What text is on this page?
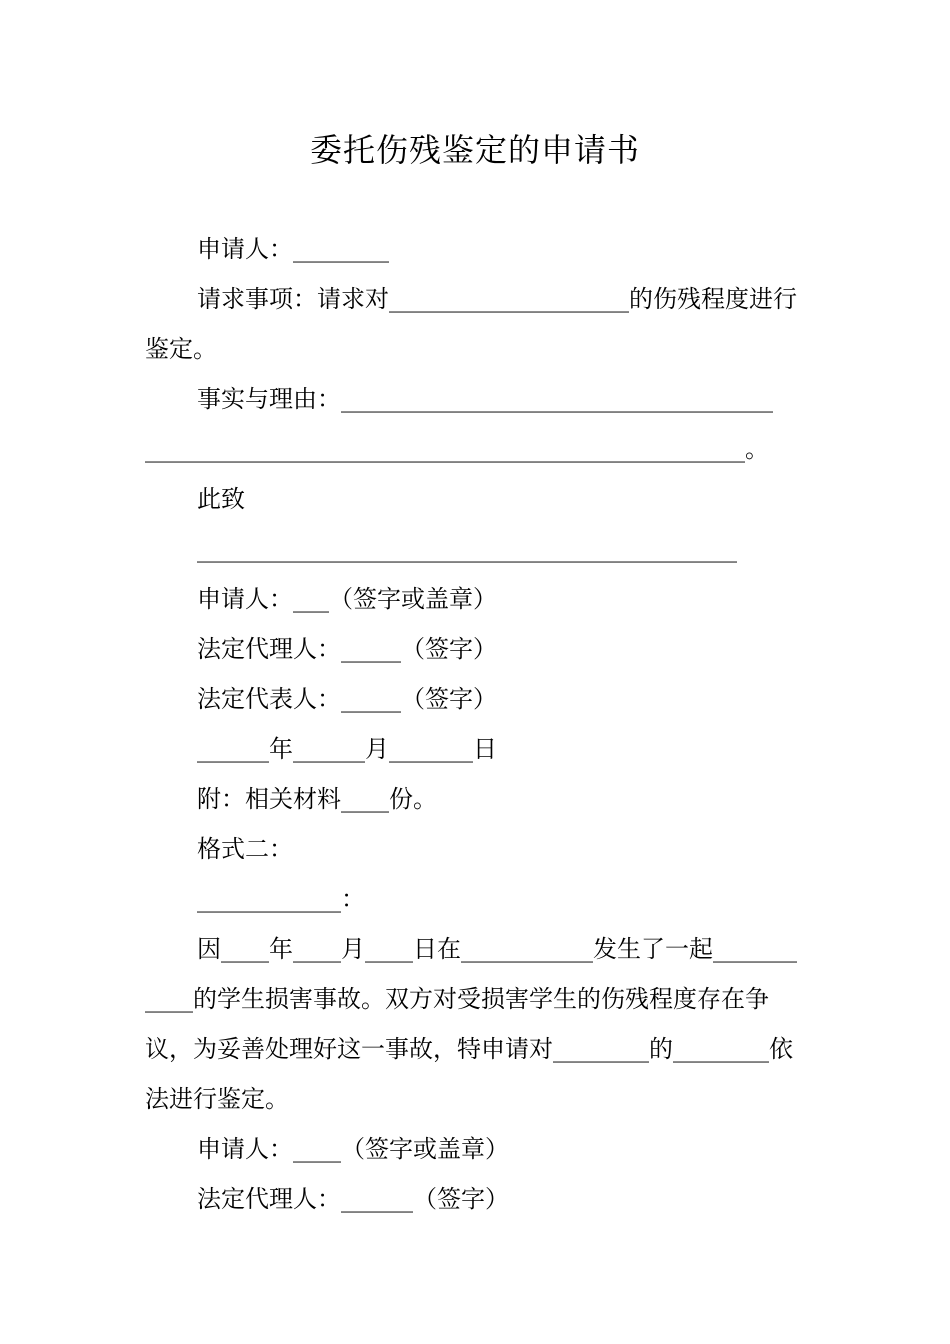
委托伤残鉴定的申请书

申请人：________

请求事项：请求对____________________的伤残程度进行鉴定。

事实与理由：____________________________________

__________________________________________________。

此致

_____________________________________________

申请人：___（签字或盖章）

法定代理人：_____（签字）

法定代表人：_____（签字）

______年______月_______日

附：相关材料____份。

格式二：

____________：

因____年____月____日在___________发生了一起___________的学生损害事故。双方对受损害学生的伤残程度存在争议，为妥善处理好这一事故，特申请对________的________依法进行鉴定。

申请人：____（签字或盖章）

法定代理人：______（签字）
